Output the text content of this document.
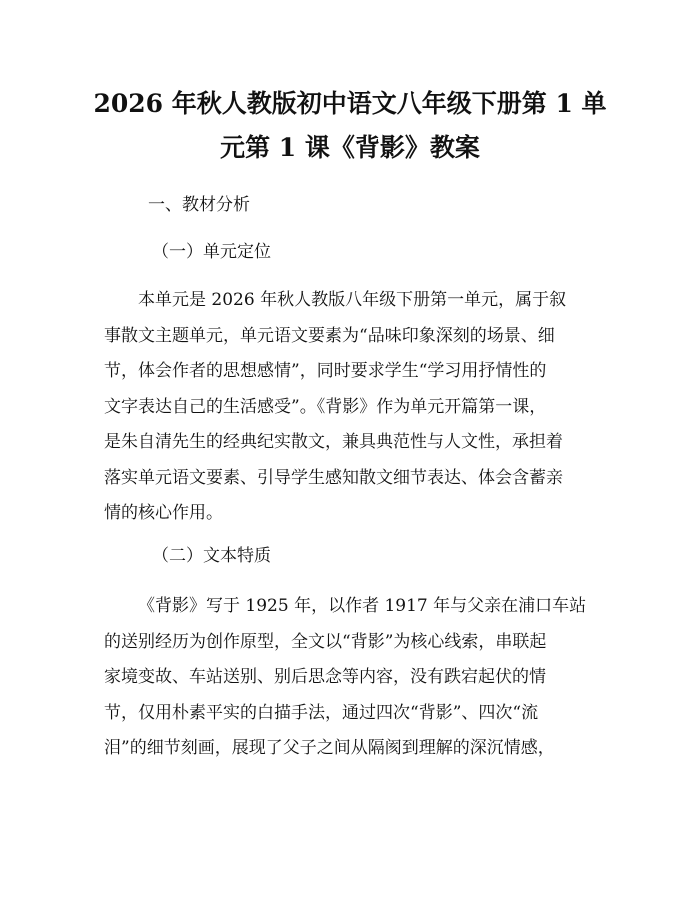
2026 年秋人教版初中语文八年级下册第 1 单
元第 1 课《背影》教案

一、教材分析

（一）单元定位

本单元是 2026 年秋人教版八年级下册第一单元，属于叙
事散文主题单元，单元语文要素为“品味印象深刻的场景、细
节，体会作者的思想感情”，同时要求学生“学习用抒情性的
文字表达自己的生活感受”。《背影》作为单元开篇第一课，
是朱自清先生的经典纪实散文，兼具典范性与人文性，承担着
落实单元语文要素、引导学生感知散文细节表达、体会含蓄亲
情的核心作用。

（二）文本特质

《背影》写于 1925 年，以作者 1917 年与父亲在浦口车站
的送别经历为创作原型，全文以“背影”为核心线索，串联起
家境变故、车站送别、别后思念等内容，没有跌宕起伏的情
节，仅用朴素平实的白描手法，通过四次“背影”、四次“流
泪”的细节刻画，展现了父子之间从隔阂到理解的深沉情感，
